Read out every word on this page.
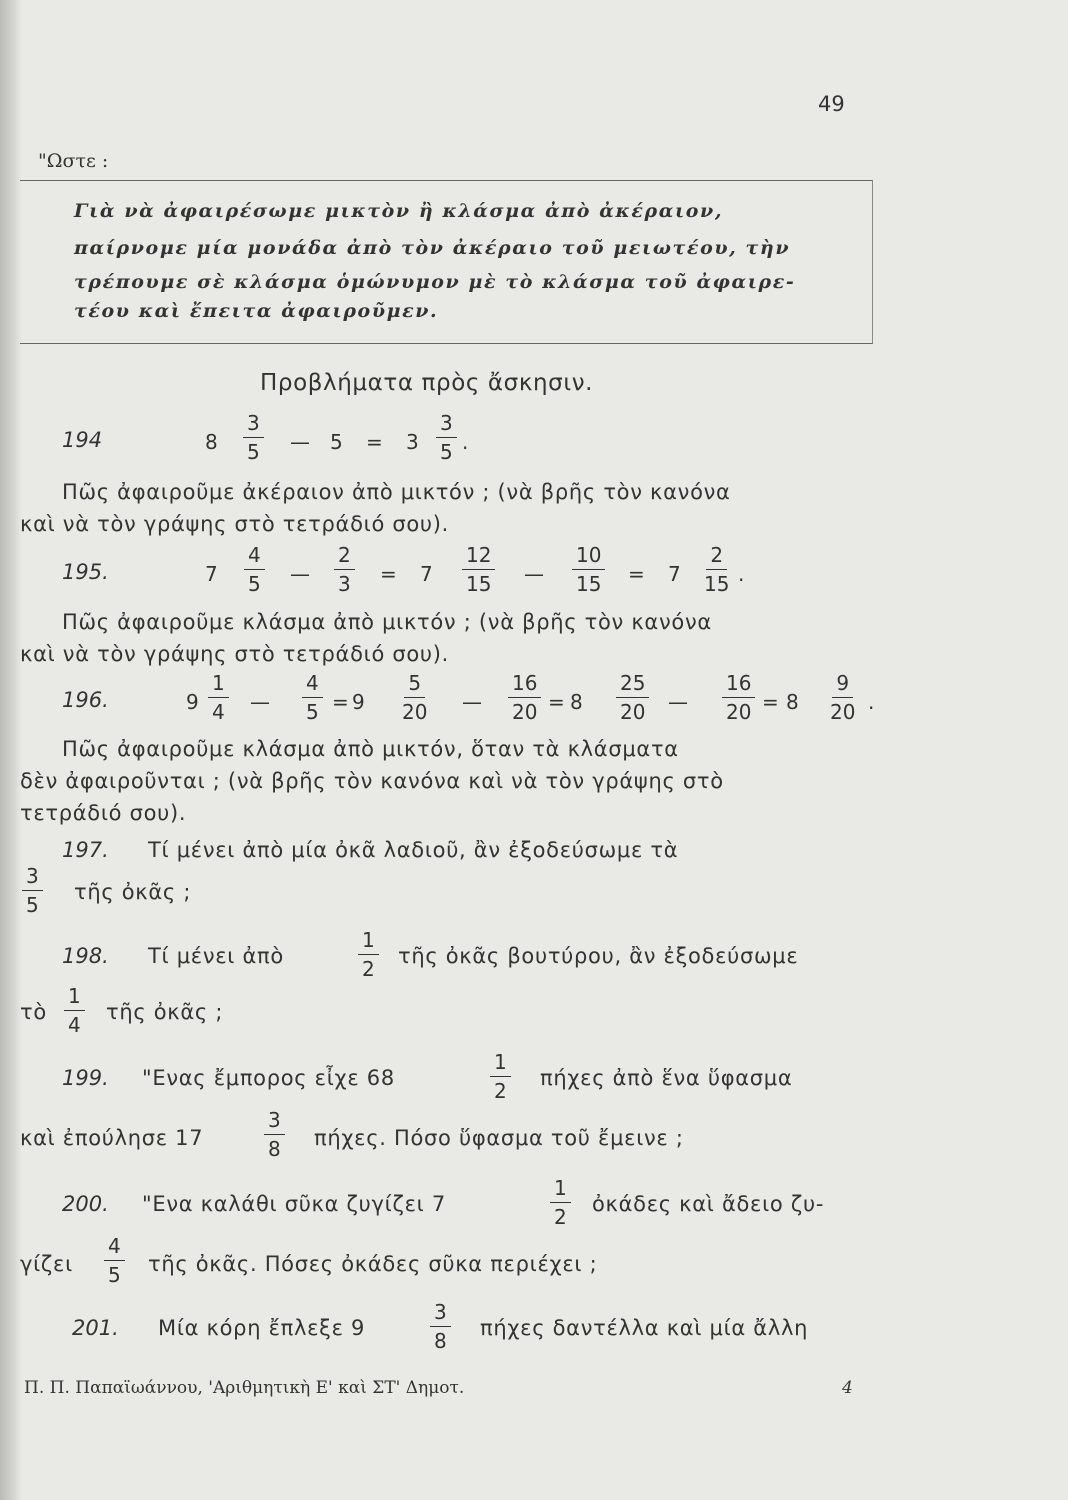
49
"Ωστε :
Γιὰ νὰ ἀφαιρέσωμε μικτὸν ἢ κλάσμα ἀπὸ ἀκέραιον,
παίρνομε μία μονάδα ἀπὸ τὸν ἀκέραιο τοῦ μειωτέου, τὴν
τρέπουμε σὲ κλάσμα ὁμώνυμον μὲ τὸ κλάσμα τοῦ ἀφαιρε-
τέου καὶ ἔπειτα ἀφαιροῦμεν.
Προβλήματα πρὸς ἄσκησιν.
194	8
3
5 — 5 = 3
3
5 .
Πῶς ἀφαιροῦμε ἀκέραιον ἀπὸ μικτόν ; (νὰ βρῆς τὸν κανόνα
καὶ νὰ τὸν γράψης στὸ τετράδιό σου).
195.	7
4
5 —
2
3 = 7
12
15 —
10
15 = 7
2
15 .
Πῶς ἀφαιροῦμε κλάσμα ἀπὸ μικτόν ; (νὰ βρῆς τὸν κανόνα
καὶ νὰ τὸν γράψης στὸ τετράδιό σου).
196.	9
1
4 —
4
5 = 9
5
20 —
16
20 = 8
25
20 —
16
20 = 8
9
20 .
Πῶς ἀφαιροῦμε κλάσμα ἀπὸ μικτόν, ὅταν τὰ κλάσματα
δὲν ἀφαιροῦνται ; (νὰ βρῆς τὸν κανόνα καὶ νὰ τὸν γράψης στὸ
τετράδιό σου).
197. Τί μένει ἀπὸ μία ὀκᾶ λαδιοῦ, ἂν ἐξοδεύσωμε τὰ
3
5
τῆς ὀκᾶς ;
198. Τί μένει ἀπὸ
1
2
τῆς ὀκᾶς βουτύρου, ἂν ἐξοδεύσωμε
τὸ
1
4
τῆς ὀκᾶς ;
199. "Ενας ἔμπορος εἶχε 68
1
2
πήχες ἀπὸ ἕνα ὕφασμα
καὶ ἐπούλησε 17
3
8 πήχες. Πόσο ὕφασμα τοῦ ἔμεινε ;
200. "Ενα καλάθι σῦκα ζυγίζει 7
1
2
ὀκάδες καὶ ἄδειο ζυ-
γίζει
4
5 τῆς ὀκᾶς. Πόσες ὀκάδες σῦκα περιέχει ;
201. Μία κόρη ἔπλεξε 9
3
8
πήχες δαντέλλα καὶ μία ἄλλη
Π. Π. Παπαϊωάννου, 'Αριθμητικὴ Ε' καὶ ΣΤ' Δημοτ.	4
